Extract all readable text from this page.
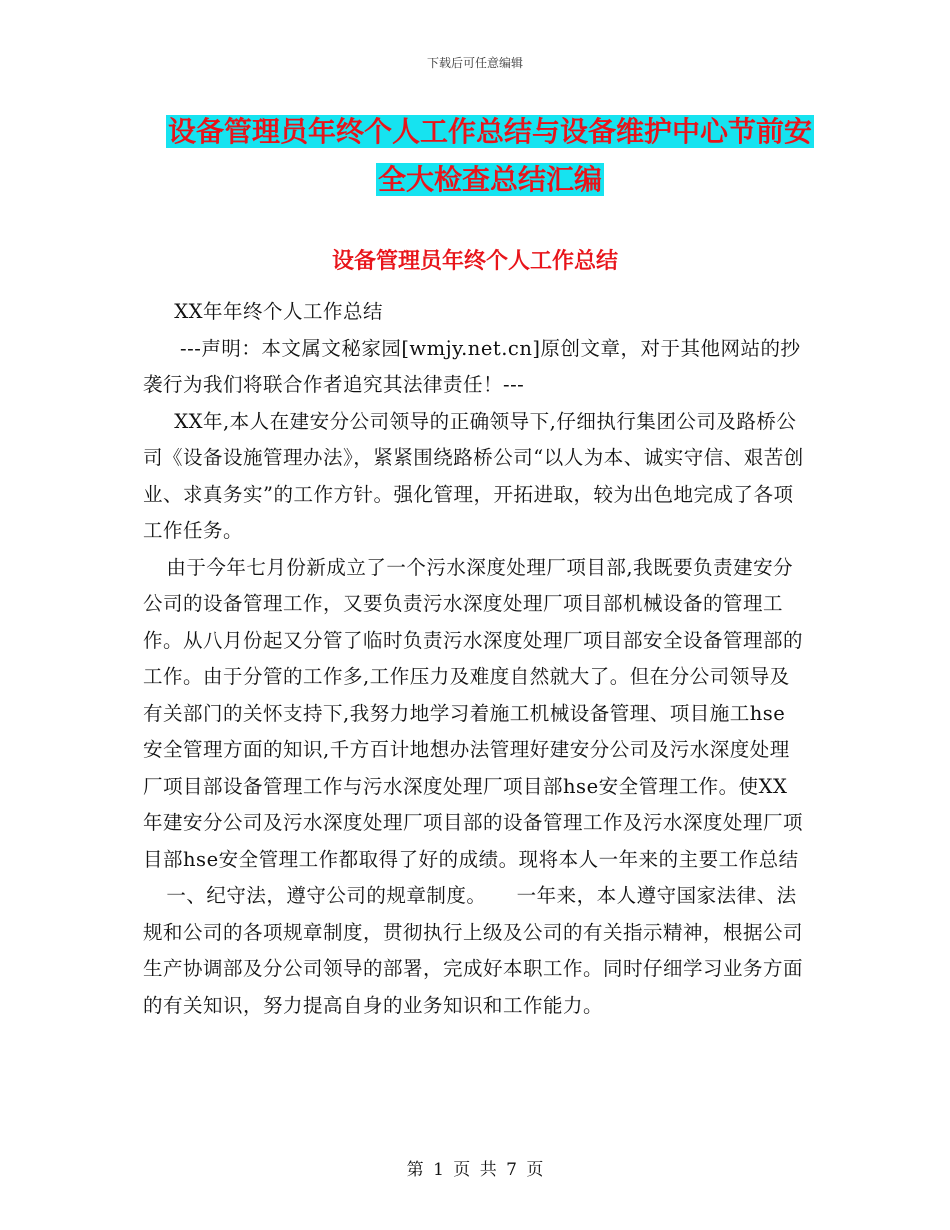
下载后可任意编辑
设备管理员年终个人工作总结与设备维护中心节前安
全大检查总结汇编
设备管理员年终个人工作总结

XX年年终个人工作总结

---声明：本文属文秘家园[wmjy.net.cn]原创文章，对于其他网站的抄袭行为我们将联合作者追究其法律责任！---

XX年,本人在建安分公司领导的正确领导下,仔细执行集团公司及路桥公司《设备设施管理办法》，紧紧围绕路桥公司“以人为本、诚实守信、艰苦创业、求真务实”的工作方针。强化管理，开拓进取，较为出色地完成了各项工作任务。

由于今年七月份新成立了一个污水深度处理厂项目部,我既要负责建安分公司的设备管理工作，又要负责污水深度处理厂项目部机械设备的管理工作。从八月份起又分管了临时负责污水深度处理厂项目部安全设备管理部的工作。由于分管的工作多,工作压力及难度自然就大了。但在分公司领导及有关部门的关怀支持下,我努力地学习着施工机械设备管理、项目施工hse安全管理方面的知识,千方百计地想办法管理好建安分公司及污水深度处理厂项目部设备管理工作与污水深度处理厂项目部hse安全管理工作。使XX年建安分公司及污水深度处理厂项目部的设备管理工作及污水深度处理厂项目部hse安全管理工作都取得了好的成绩。现将本人一年来的主要工作总结

一、纪守法，遵守公司的规章制度。　　一年来，本人遵守国家法律、法规和公司的各项规章制度，贯彻执行上级及公司的有关指示精神，根据公司生产协调部及分公司领导的部署，完成好本职工作。同时仔细学习业务方面的有关知识，努力提高自身的业务知识和工作能力。

第 1 页 共 7 页
